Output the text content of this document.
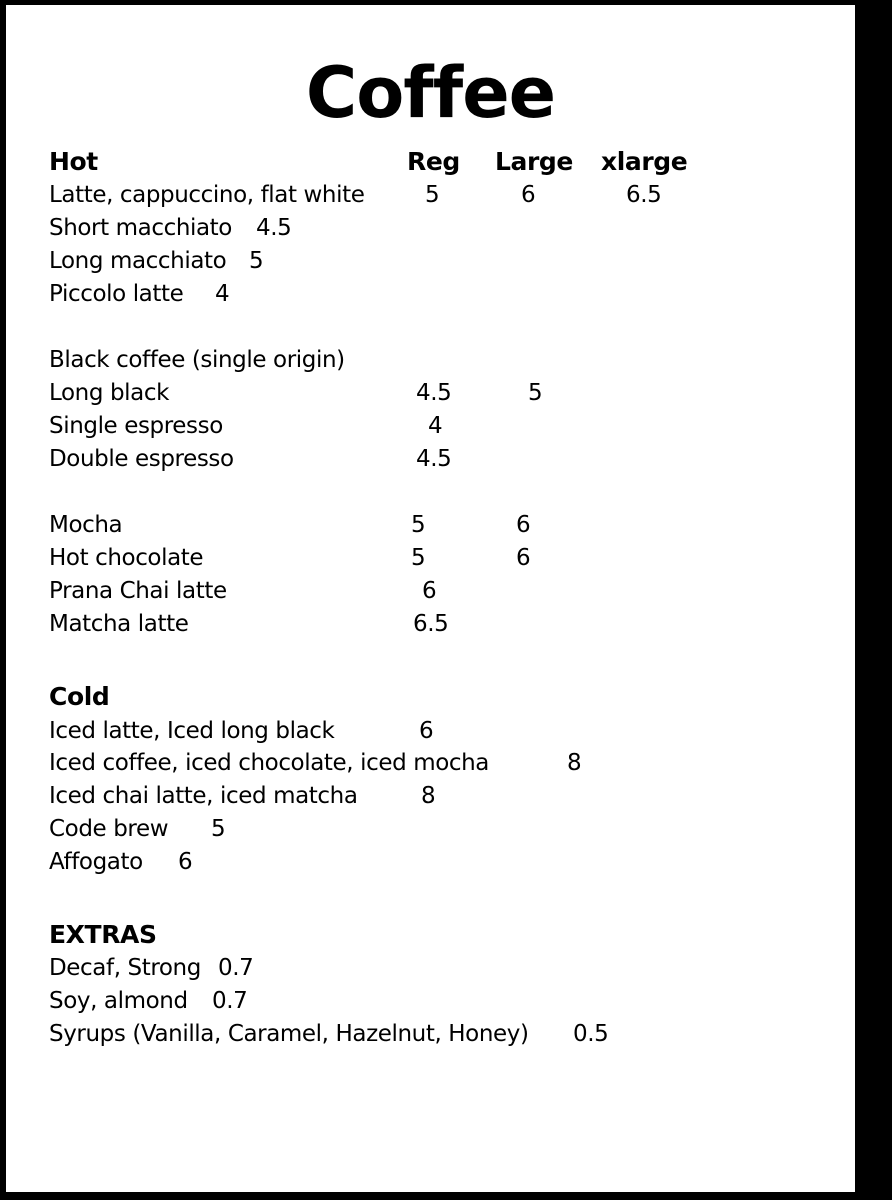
Coffee
Hot	Reg Large xlarge
Latte, cappuccino, flat white	5	6	6.5
Short macchiato 4.5
Long macchiato 5
Piccolo latte 4
Black coffee (single origin)
Long black	4.5	5
Single espresso	4
Double espresso	4.5
Mocha	5	6
Hot chocolate	5	6
Prana Chai latte	6
Matcha latte	6.5
Cold
Iced latte, Iced long black	6
Iced coffee, iced chocolate, iced mocha	8
Iced chai latte, iced matcha	8
Code brew 5
Affogato 6
EXTRAS
Decaf, Strong 0.7
Soy, almond 0.7
Syrups (Vanilla, Caramel, Hazelnut, Honey) 0.5
